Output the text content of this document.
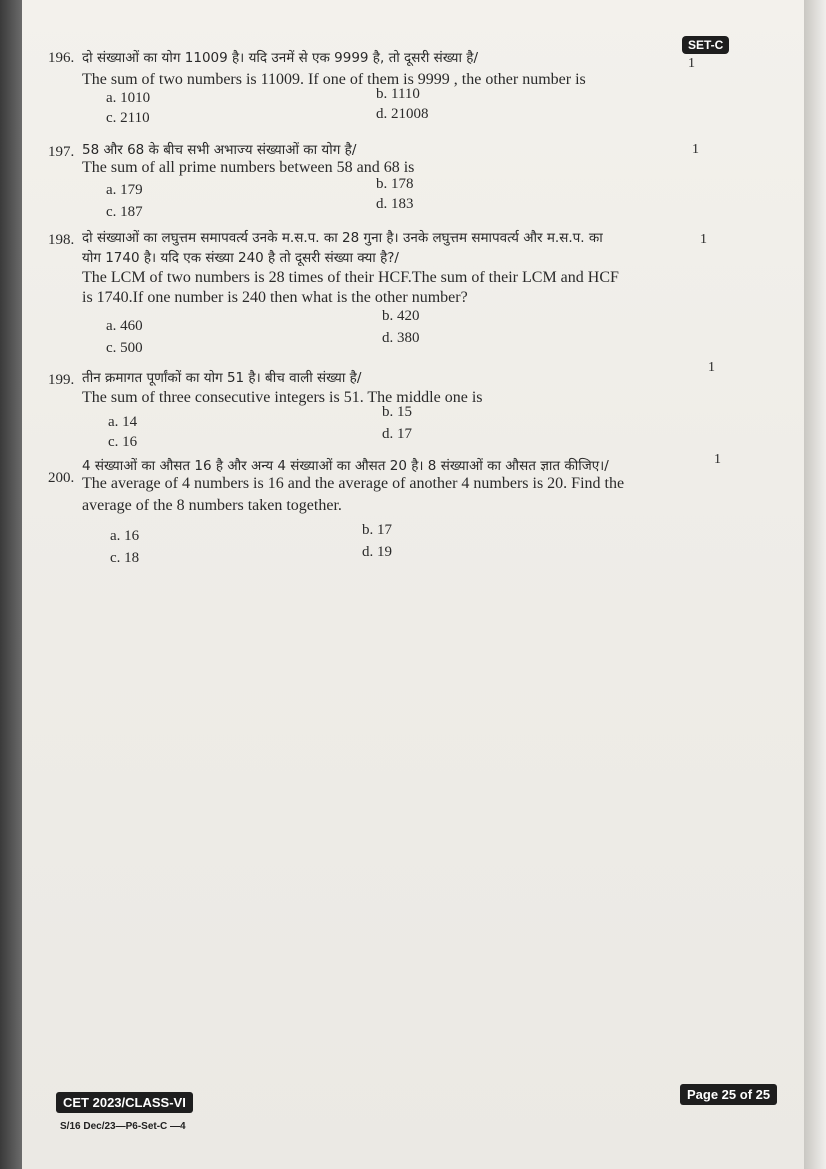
SET-C
196. दो संख्याओं का योग 11009 है। यदि उनमें से एक 9999 है, तो दूसरी संख्या है/
The sum of two numbers is 11009. If one of them is 9999 , the other number is
1
a. 1010	b. 1110
c. 2110	d. 21008
197. 58 और 68 के बीच सभी अभाज्य संख्याओं का योग है/
The sum of all prime numbers between 58 and 68 is
1
a. 179	b. 178
c. 187	d. 183
198. दो संख्याओं का लघुत्तम समापवर्त्य उनके म.स.प. का 28 गुना है। उनके लघुत्तम समापवर्त्य और म.स.प. का
योग 1740 है। यदि एक संख्या 240 है तो दूसरी संख्या क्या है?/
The LCM of two numbers is 28 times of their HCF.The sum of their LCM and HCF
is 1740.If one number is 240 then what is the other number?
1
a. 460
b. 420
c. 500
d. 380
199. तीन क्रमागत पूर्णांकों का योग 51 है। बीच वाली संख्या है/
The sum of three consecutive integers is 51. The middle one is
1
a. 14
b. 15
c. 16	d. 17
200.
4 संख्याओं का औसत 16 है और अन्य 4 संख्याओं का औसत 20 है। 8 संख्याओं का औसत ज्ञात कीजिए।/
The average of 4 numbers is 16 and the average of another 4 numbers is 20. Find the
average of the 8 numbers taken together.
1
a. 16	b. 17
c. 18	d. 19
CET 2023/CLASS-VI
Page 25 of 25
S/16 Dec/23—P6-Set-C —4
